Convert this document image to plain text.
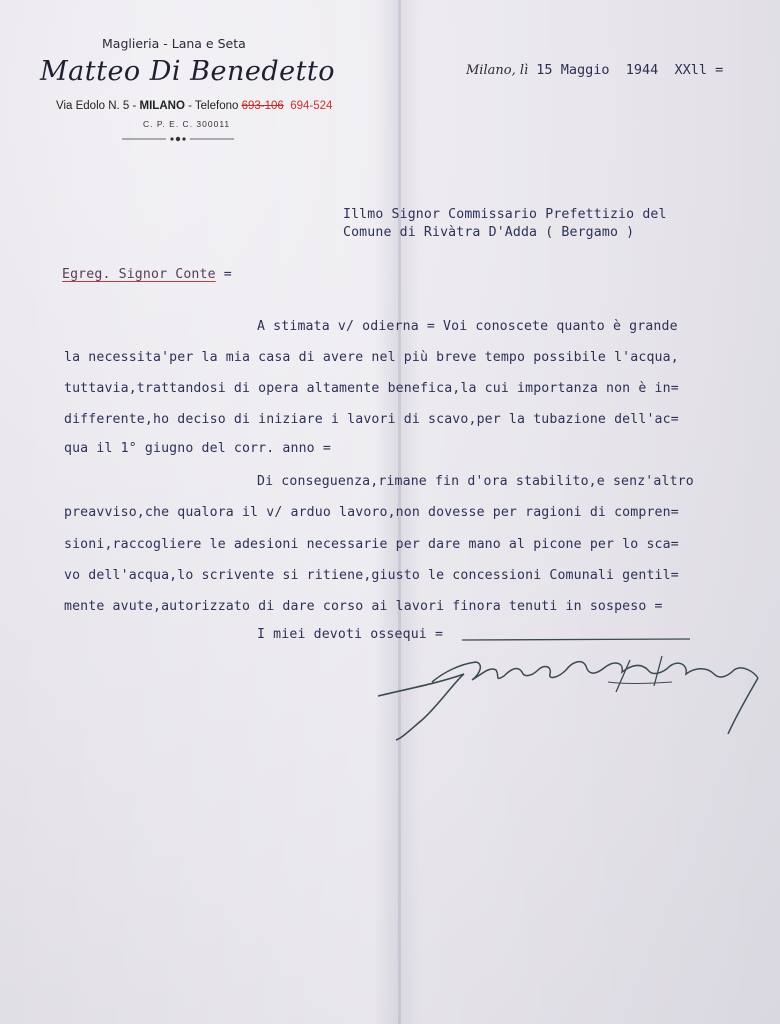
Maglieria - Lana e Seta
Matteo Di Benedetto
Via Edolo N. 5 - MILANO - Telefono 693-106 694-524
C. P. E. C. 300011
Milano, lì 15 Maggio 1944 XXll =
Illmo Signor Commissario Prefettizio del
Comune di Rivàtra D'Adda ( Bergamo )
Egreg. Signor Conte =
A stimata v/ odierna = Voi conoscete quanto è grande
la necessita'per la mia casa di avere nel più breve tempo possibile l'acqua,
tuttavia,trattandosi di opera altamente benefica,la cui importanza non è in=
differente,ho deciso di iniziare i lavori di scavo,per la tubazione dell'ac=
qua il 1° giugno del corr. anno =
Di conseguenza,rimane fin d'ora stabilito,e senz'altro
preavviso,che qualora il v/ arduo lavoro,non dovesse per ragioni di compren=
sioni,raccogliere le adesioni necessarie per dare mano al picone per lo sca=
vo dell'acqua,lo scrivente si ritiene,giusto le concessioni Comunali gentil=
mente avute,autorizzato di dare corso ai lavori finora tenuti in sospeso =
I miei devoti ossequi =
